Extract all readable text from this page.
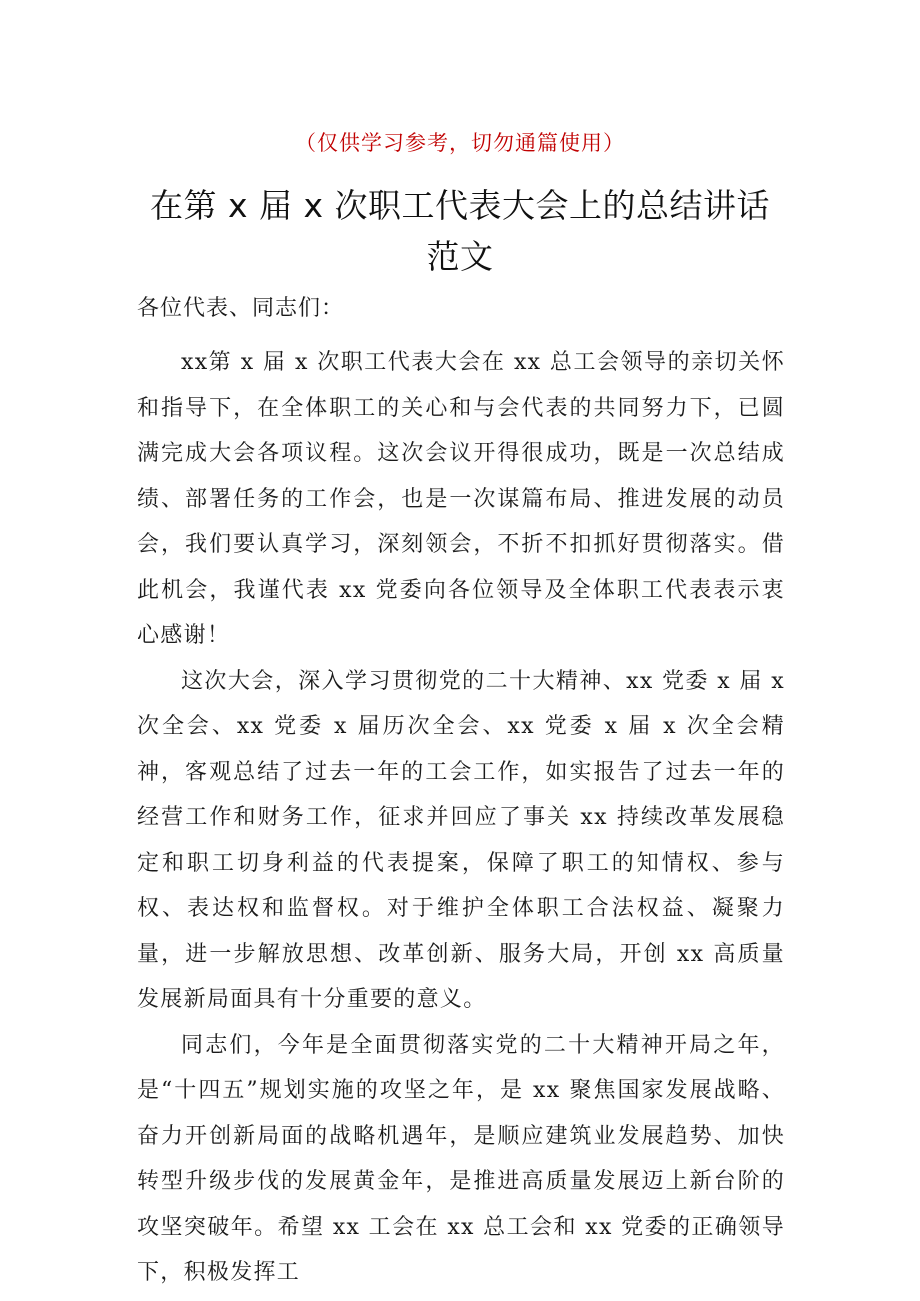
（仅供学习参考，切勿通篇使用）
在第 x 届 x 次职工代表大会上的总结讲话
范文
各位代表、同志们：

xx第 x 届 x 次职工代表大会在 xx 总工会领导的亲切关怀和指导下，在全体职工的关心和与会代表的共同努力下，已圆满完成大会各项议程。这次会议开得很成功，既是一次总结成绩、部署任务的工作会，也是一次谋篇布局、推进发展的动员会，我们要认真学习，深刻领会，不折不扣抓好贯彻落实。借此机会，我谨代表 xx 党委向各位领导及全体职工代表表示衷心感谢！

这次大会，深入学习贯彻党的二十大精神、xx 党委 x 届 x 次全会、xx 党委 x 届历次全会、xx 党委 x 届 x 次全会精神，客观总结了过去一年的工会工作，如实报告了过去一年的经营工作和财务工作，征求并回应了事关 xx 持续改革发展稳定和职工切身利益的代表提案，保障了职工的知情权、参与权、表达权和监督权。对于维护全体职工合法权益、凝聚力量，进一步解放思想、改革创新、服务大局，开创 xx 高质量发展新局面具有十分重要的意义。

同志们，今年是全面贯彻落实党的二十大精神开局之年，是“十四五”规划实施的攻坚之年，是 xx 聚焦国家发展战略、奋力开创新局面的战略机遇年，是顺应建筑业发展趋势、加快转型升级步伐的发展黄金年，是推进高质量发展迈上新台阶的攻坚突破年。希望 xx 工会在 xx 总工会和 xx 党委的正确领导下，积极发挥工
